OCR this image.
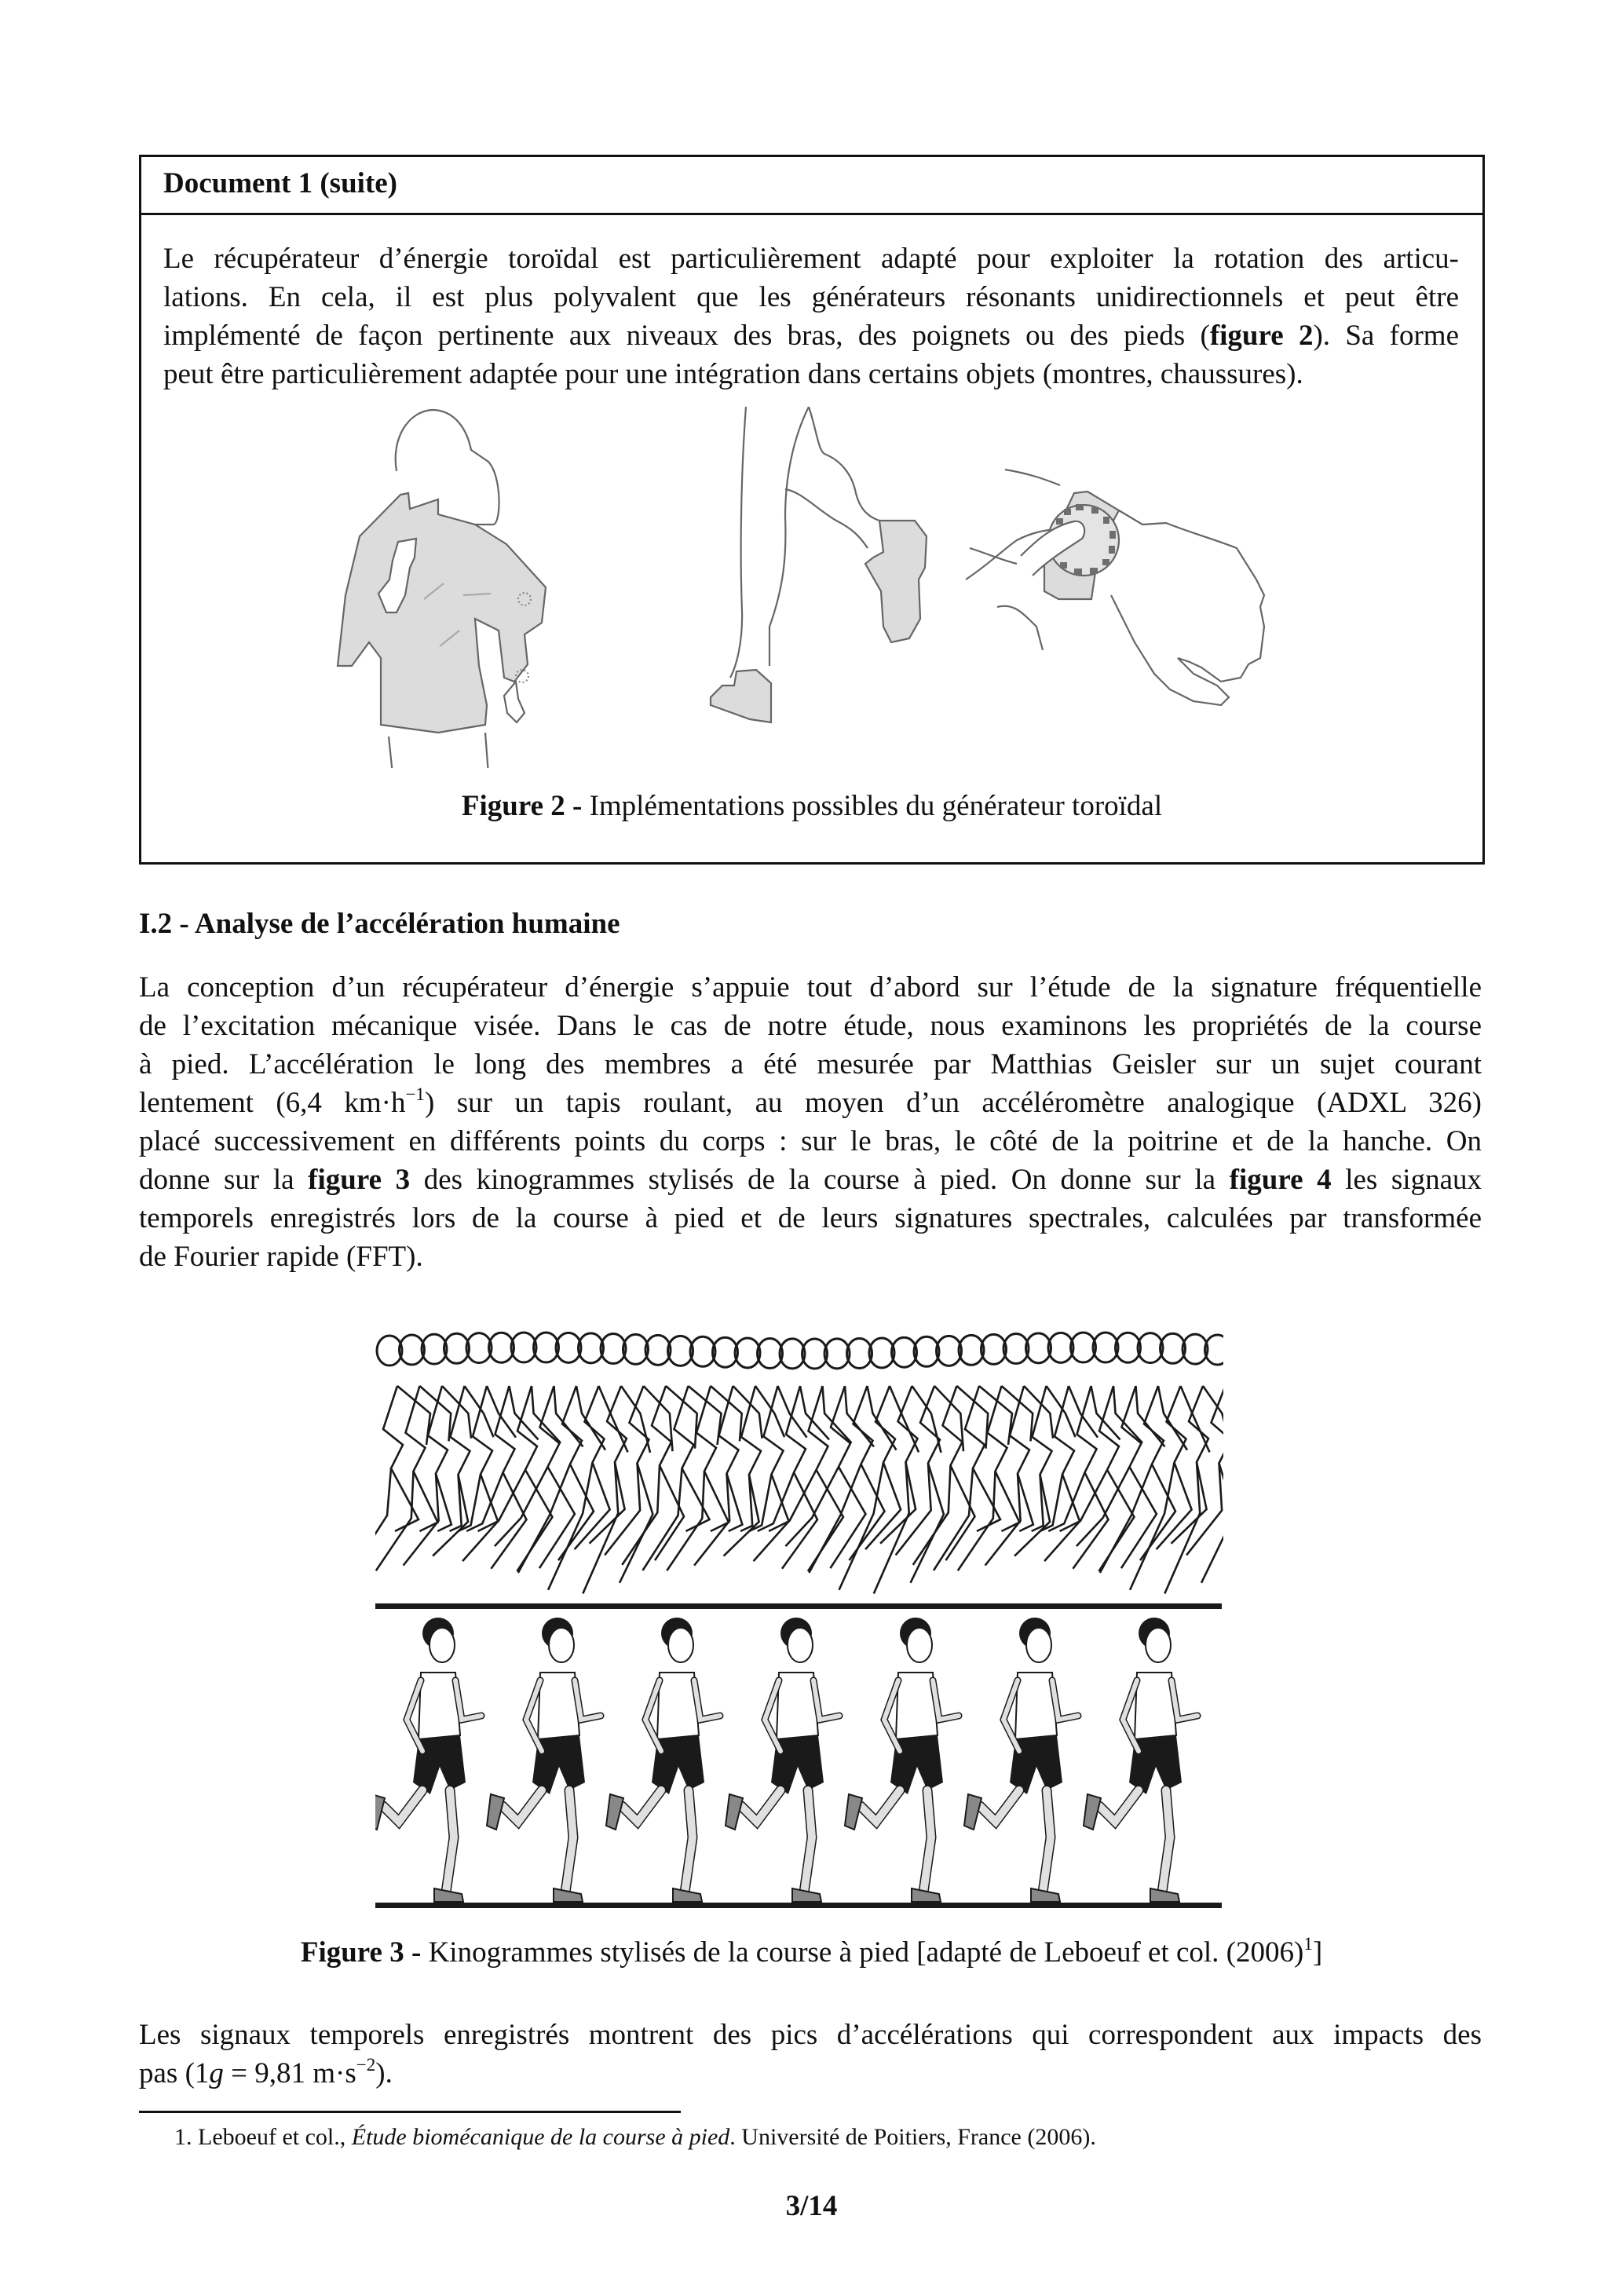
Document 1 (suite)
Le récupérateur d’énergie toroïdal est particulièrement adapté pour exploiter la rotation des articu-
lations. En cela, il est plus polyvalent que les générateurs résonants unidirectionnels et peut être
implémenté de façon pertinente aux niveaux des bras, des poignets ou des pieds (figure 2). Sa forme
peut être particulièrement adaptée pour une intégration dans certains objets (montres, chaussures).
Figure 2 - Implémentations possibles du générateur toroïdal
I.2 - Analyse de l’accélération humaine
La conception d’un récupérateur d’énergie s’appuie tout d’abord sur l’étude de la signature fréquentielle
de l’excitation mécanique visée. Dans le cas de notre étude, nous examinons les propriétés de la course
à pied. L’accélération le long des membres a été mesurée par Matthias Geisler sur un sujet courant
lentement (6,4 $km\cdot h^{-1}$) sur un tapis roulant, au moyen d’un accéléromètre analogique (ADXL 326)
placé successivement en différents points du corps : sur le bras, le côté de la poitrine et de la hanche. On
donne sur la figure 3 des kinogrammes stylisés de la course à pied. On donne sur la figure 4 les signaux
temporels enregistrés lors de la course à pied et de leurs signatures spectrales, calculées par transformée
de Fourier rapide (FFT).
Figure 3 - Kinogrammes stylisés de la course à pied [adapté de Leboeuf et col. $(2006)^1$]
Les signaux temporels enregistrés montrent des pics d’accélérations qui correspondent aux impacts des
pas (1g = 9,81 $m\cdot s^{-2}$).
1. Leboeuf et col., Étude biomécanique de la course à pied. Université de Poitiers, France (2006).
3/14
